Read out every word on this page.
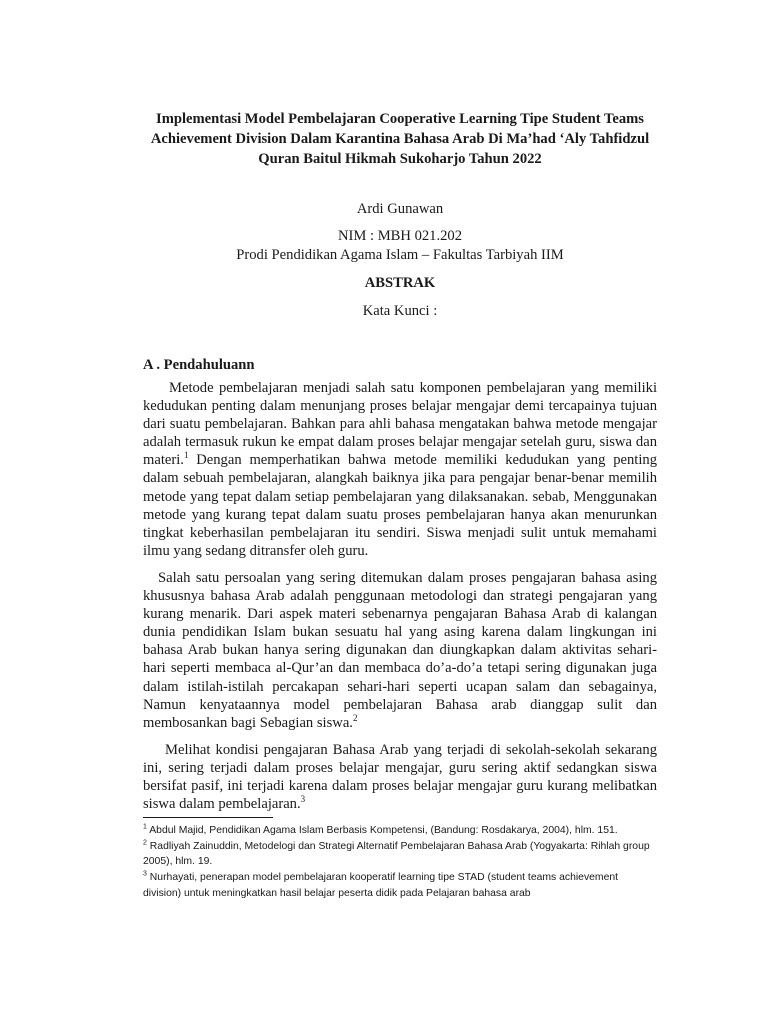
Implementasi Model Pembelajaran Cooperative Learning Tipe Student Teams
Achievement Division Dalam Karantina Bahasa Arab Di Ma’had ‘Aly Tahfidzul
Quran Baitul Hikmah Sukoharjo Tahun 2022

Ardi Gunawan

NIM : MBH 021.202
Prodi Pendidikan Agama Islam – Fakultas Tarbiyah IIM

ABSTRAK

Kata Kunci :

A . Pendahuluann

Metode pembelajaran menjadi salah satu komponen pembelajaran yang memiliki kedudukan penting dalam menunjang proses belajar mengajar demi tercapainya tujuan dari suatu pembelajaran. Bahkan para ahli bahasa mengatakan bahwa metode mengajar adalah termasuk rukun ke empat dalam proses belajar mengajar setelah guru, siswa dan materi.$^1$ Dengan memperhatikan bahwa metode memiliki kedudukan yang penting dalam sebuah pembelajaran, alangkah baiknya jika para pengajar benar-benar memilih metode yang tepat dalam setiap pembelajaran yang dilaksanakan. sebab, Menggunakan metode yang kurang tepat dalam suatu proses pembelajaran hanya akan menurunkan tingkat keberhasilan pembelajaran itu sendiri. Siswa menjadi sulit untuk memahami ilmu yang sedang ditransfer oleh guru.

Salah satu persoalan yang sering ditemukan dalam proses pengajaran bahasa asing khususnya bahasa Arab adalah penggunaan metodologi dan strategi pengajaran yang kurang menarik. Dari aspek materi sebenarnya pengajaran Bahasa Arab di kalangan dunia pendidikan Islam bukan sesuatu hal yang asing karena dalam lingkungan ini bahasa Arab bukan hanya sering digunakan dan diungkapkan dalam aktivitas sehari-hari seperti membaca al-Qur’an dan membaca do’a-do’a tetapi sering digunakan juga dalam istilah-istilah percakapan sehari-hari seperti ucapan salam dan sebagainya, Namun kenyataannya model pembelajaran Bahasa arab dianggap sulit dan membosankan bagi Sebagian siswa.$^2$

Melihat kondisi pengajaran Bahasa Arab yang terjadi di sekolah-sekolah sekarang ini, sering terjadi dalam proses belajar mengajar, guru sering aktif sedangkan siswa bersifat pasif, ini terjadi karena dalam proses belajar mengajar guru kurang melibatkan siswa dalam pembelajaran.$^3$

$^1$ Abdul Majid, Pendidikan Agama Islam Berbasis Kompetensi, (Bandung: Rosdakarya, 2004), hlm. 151.

$^2$ Radliyah Zainuddin, Metodelogi dan Strategi Alternatif Pembelajaran Bahasa Arab (Yogyakarta: Rihlah group 2005), hlm. 19.

$^3$ Nurhayati, penerapan model pembelajaran kooperatif learning tipe STAD (student teams achievement division) untuk meningkatkan hasil belajar peserta didik pada Pelajaran bahasa arab
